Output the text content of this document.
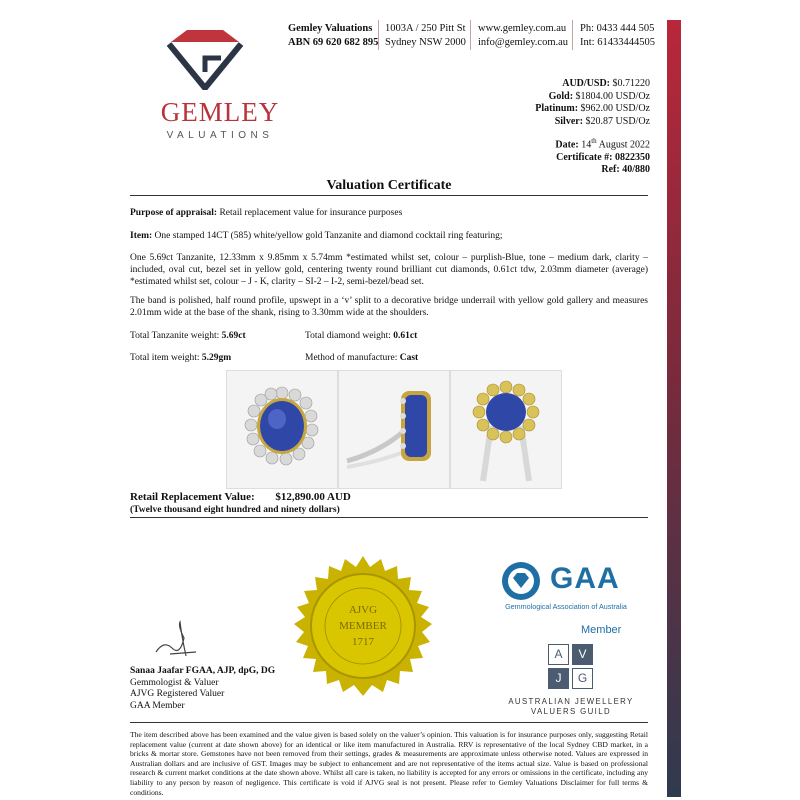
GEMLEY
VALUATIONS
Gemley Valuations
ABN 69 620 682 895
1003A / 250 Pitt St
Sydney NSW 2000
www.gemley.com.au
info@gemley.com.au
Ph: 0433 444 505
Int: 61433444505
AUD/USD: $0.71220
Gold: $1804.00 USD/Oz
Platinum: $962.00 USD/Oz
Silver: $20.87 USD/Oz
Date: 14th August 2022
Certificate #: 0822350
Ref: 40/880
Valuation Certificate
Purpose of appraisal: Retail replacement value for insurance purposes
Item: One stamped 14CT (585) white/yellow gold Tanzanite and diamond cocktail ring featuring;
One 5.69ct Tanzanite, 12.33mm x 9.85mm x 5.74mm *estimated whilst set, colour – purplish-Blue, tone – medium dark, clarity – included, oval cut, bezel set in yellow gold, centering twenty round brilliant cut diamonds, 0.61ct tdw, 2.03mm diameter (average) *estimated whilst set, colour – J - K, clarity – SI-2 – I-2, semi-bezel/bead set.
The band is polished, half round profile, upswept in a ‘v’ split to a decorative bridge underrail with yellow gold gallery and measures 2.01mm wide at the base of the shank, rising to 3.30mm wide at the shoulders.
Total Tanzanite weight: 5.69ct	Total diamond weight: 0.61ct
Total item weight: 5.29gm	Method of manufacture: Cast
Retail Replacement Value: $12,890.00 AUD
(Twelve thousand eight hundred and ninety dollars)
AJVG
MEMBER
1717
Sanaa Jaafar FGAA, AJP, dpG, DG
Gemmologist & Valuer
AJVG Registered Valuer
GAA Member
GAA
Gemmological Association of Australia
Member
A	V
J	G
AUSTRALIAN JEWELLERY
VALUERS GUILD
The item described above has been examined and the value given is based solely on the valuer’s opinion. This valuation is for insurance purposes only, suggesting Retail replacement value (current at date shown above) for an identical or like item manufactured in Australia. RRV is representative of the local Sydney CBD market, in a bricks & mortar store. Gemstones have not been removed from their settings, grades & measurements are approximate unless otherwise noted. Values are expressed in Australian dollars and are inclusive of GST. Images may be subject to enhancement and are not representative of the items actual size. Value is based on professional research & current market conditions at the date shown above. Whilst all care is taken, no liability is accepted for any errors or omissions in the certificate, including any liability to any person by reason of negligence. This certificate is void if AJVG seal is not present. Please refer to Gemley Valuations Disclaimer for full terms & conditions.
